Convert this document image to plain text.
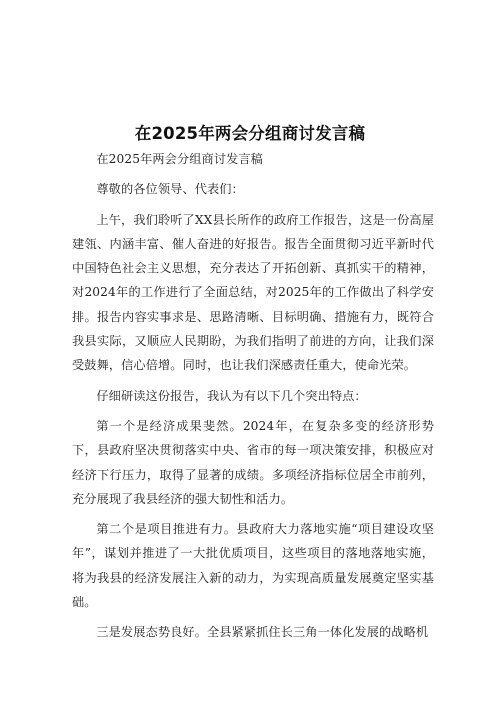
在2025年两会分组商讨发言稿

在2025年两会分组商讨发言稿

尊敬的各位领导、代表们：

上午，我们聆听了XX县长所作的政府工作报告，这是一份高屋建瓴、内涵丰富、催人奋进的好报告。报告全面贯彻习近平新时代中国特色社会主义思想，充分表达了开拓创新、真抓实干的精神，对2024年的工作进行了全面总结，对2025年的工作做出了科学安排。报告内容实事求是、思路清晰、目标明确、措施有力，既符合我县实际，又顺应人民期盼，为我们指明了前进的方向，让我们深受鼓舞，信心倍增。同时，也让我们深感责任重大，使命光荣。

仔细研读这份报告，我认为有以下几个突出特点：

第一个是经济成果斐然。2024年，在复杂多变的经济形势下，县政府坚决贯彻落实中央、省市的每一项决策安排，积极应对经济下行压力，取得了显著的成绩。多项经济指标位居全市前列，充分展现了我县经济的强大韧性和活力。

第二个是项目推进有力。县政府大力落地实施“项目建设攻坚年”，谋划并推进了一大批优质项目，这些项目的落地落地实施，将为我县的经济发展注入新的动力，为实现高质量发展奠定坚实基础。

三是发展态势良好。全县紧紧抓住长三角一体化发展的战略机
